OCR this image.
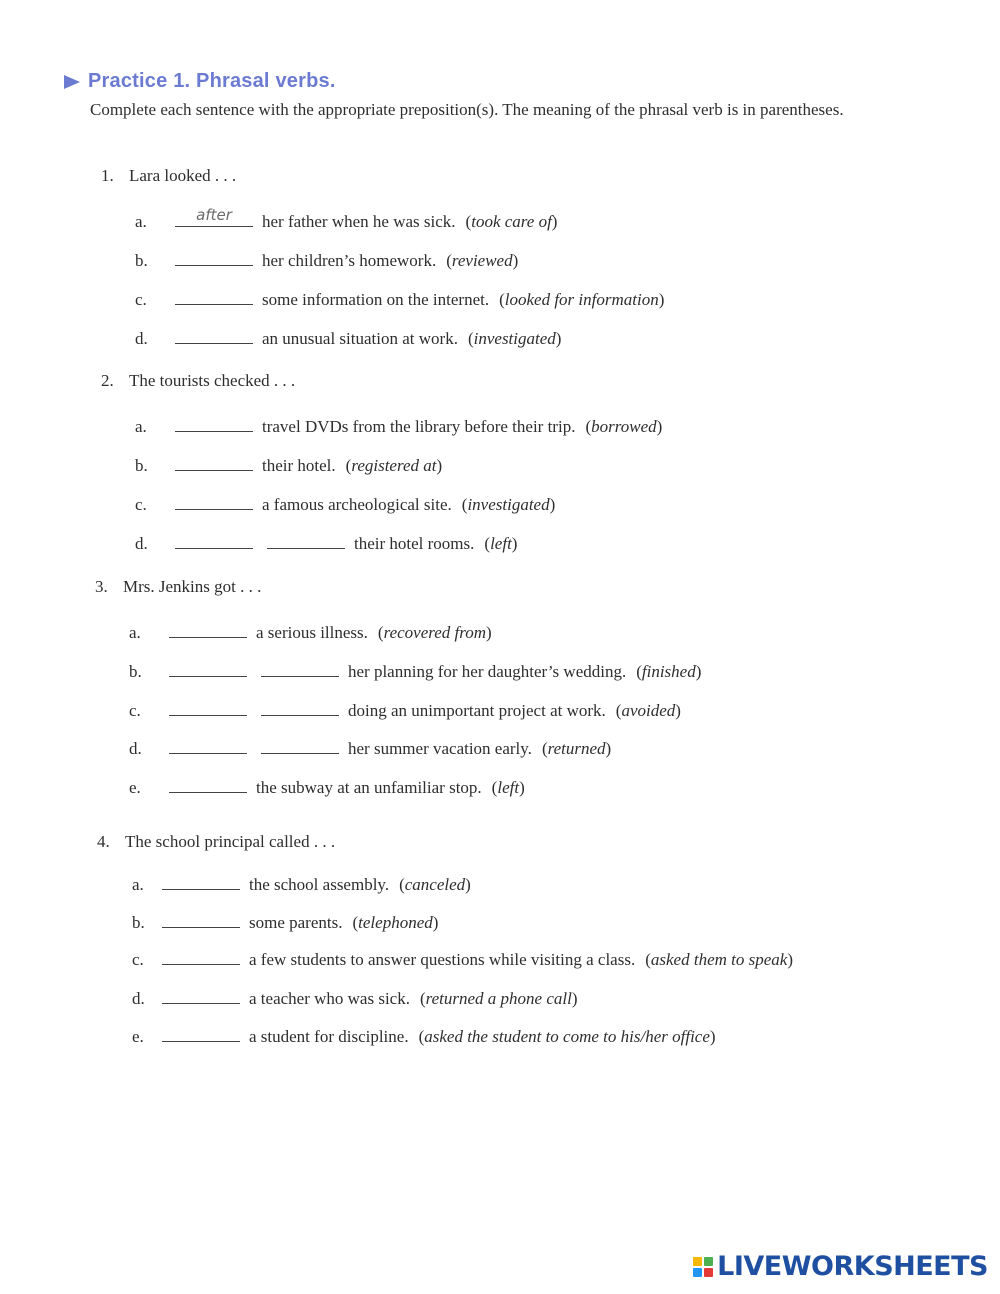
Practice 1. Phrasal verbs.
Complete each sentence with the appropriate preposition(s). The meaning of the phrasal verb is in parentheses.
1. Lara looked . . .
a.	after	her father when he was sick. (took care of)
b.	her children’s homework. (reviewed)
c.	some information on the internet. (looked for information)
d.	an unusual situation at work. (investigated)
2. The tourists checked . . .
a.	travel DVDs from the library before their trip. (borrowed)
b.	their hotel. (registered at)
c.	a famous archeological site. (investigated)
d.	their hotel rooms. (left)
3. Mrs. Jenkins got . . .
a.	a serious illness. (recovered from)
b.	her planning for her daughter’s wedding. (finished)
c.	doing an unimportant project at work. (avoided)
d.	her summer vacation early. (returned)
e.	the subway at an unfamiliar stop. (left)
4. The school principal called . . .
a.	the school assembly. (canceled)
b.	some parents. (telephoned)
c.	a few students to answer questions while visiting a class. (asked them to speak)
d.	a teacher who was sick. (returned a phone call)
e.	a student for discipline. (asked the student to come to his/her office)
LIVEWORKSHEETS
